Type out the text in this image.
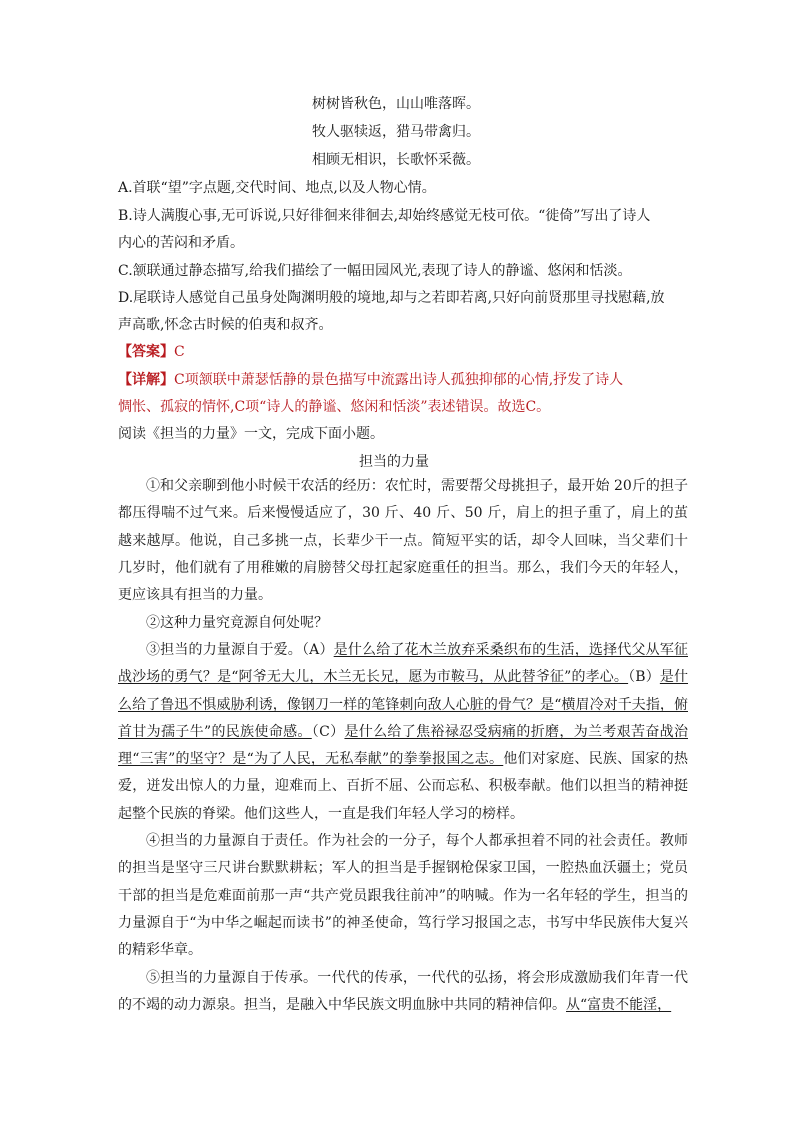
树树皆秋色，山山唯落晖。
牧人驱犊返，猎马带禽归。
相顾无相识，长歌怀采薇。
A.首联“望”字点题,交代时间、地点,以及人物心情。
B.诗人满腹心事,无可诉说,只好徘徊来徘徊去,却始终感觉无枝可依。“徙倚”写出了诗人
内心的苦闷和矛盾。
C.颔联通过静态描写,给我们描绘了一幅田园风光,表现了诗人的静谧、悠闲和恬淡。
D.尾联诗人感觉自己虽身处陶渊明般的境地,却与之若即若离,只好向前贤那里寻找慰藉,放
声高歌,怀念古时候的伯夷和叔齐。
【答案】C
【详解】C项颔联中萧瑟恬静的景色描写中流露出诗人孤独抑郁的心情,抒发了诗人
惆怅、孤寂的情怀,C项“诗人的静谧、悠闲和恬淡”表述错误。故选C。
阅读《担当的力量》一文，完成下面小题。
担当的力量
①和父亲聊到他小时候干农活的经历：农忙时，需要帮父母挑担子，最开始 20斤的担子都压得喘不过气来。后来慢慢适应了，30 斤、40 斤、50 斤，肩上的担子重了，肩上的茧越来越厚。他说，自己多挑一点，长辈少干一点。简短平实的话，却令人回味，当父辈们十几岁时，他们就有了用稚嫩的肩膀替父母扛起家庭重任的担当。那么，我们今天的年轻人，更应该具有担当的力量。
②这种力量究竟源自何处呢？
③担当的力量源自于爱。（A）是什么给了花木兰放弃采桑织布的生活，选择代父从军征战沙场的勇气？是“阿爷无大儿，木兰无长兄，愿为市鞍马，从此替爷征”的孝心。（B）是什么给了鲁迅不惧威胁利诱，像钢刀一样的笔锋刺向敌人心脏的骨气？是“横眉冷对千夫指，俯首甘为孺子牛”的民族使命感。（C）是什么给了焦裕禄忍受病痛的折磨，为兰考艰苦奋战治理“三害”的坚守？是“为了人民，无私奉献”的拳拳报国之志。他们对家庭、民族、国家的热爱，迸发出惊人的力量，迎难而上、百折不屈、公而忘私、积极奉献。他们以担当的精神挺起整个民族的脊梁。他们这些人，一直是我们年轻人学习的榜样。
④担当的力量源自于责任。作为社会的一分子，每个人都承担着不同的社会责任。教师的担当是坚守三尺讲台默默耕耘；军人的担当是手握钢枪保家卫国，一腔热血沃疆土；党员干部的担当是危难面前那一声“共产党员跟我往前冲”的呐喊。作为一名年轻的学生，担当的力量源自于“为中华之崛起而读书”的神圣使命，笃行学习报国之志，书写中华民族伟大复兴的精彩华章。
⑤担当的力量源自于传承。一代代的传承，一代代的弘扬，将会形成激励我们年青一代的不竭的动力源泉。担当，是融入中华民族文明血脉中共同的精神信仰。从“富贵不能淫，
